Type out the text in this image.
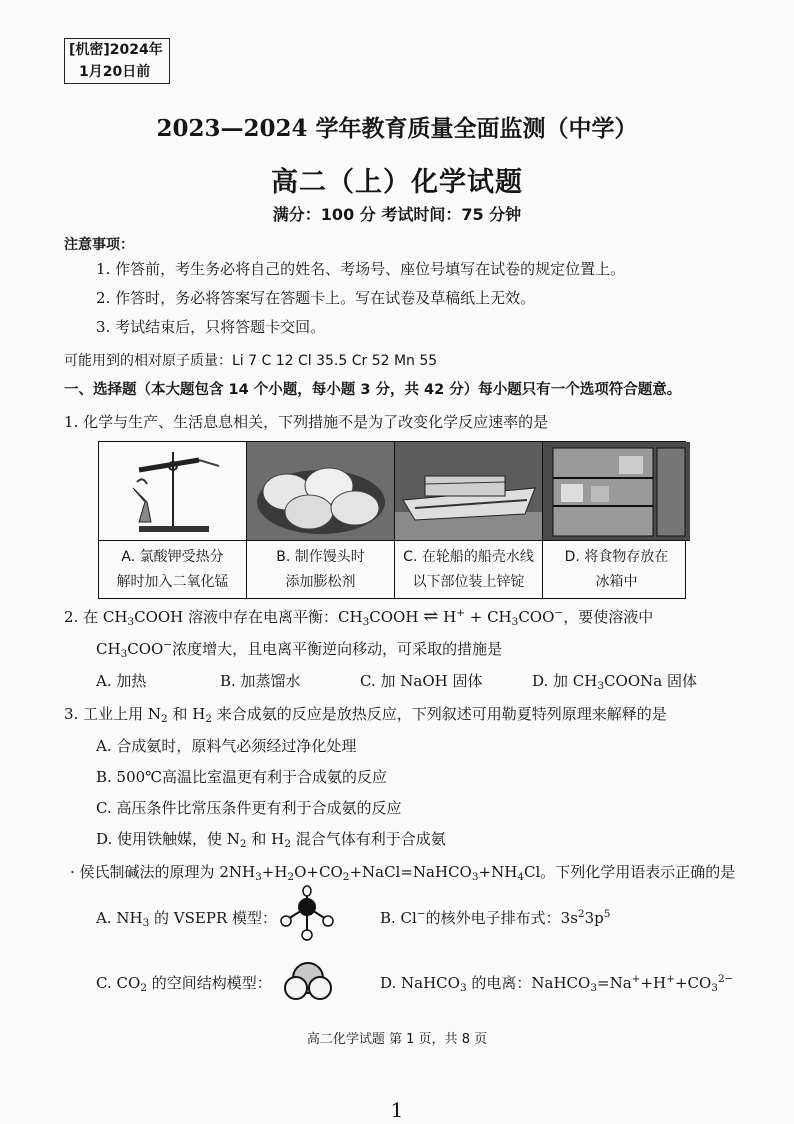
[机密]2024年
1月20日前
2023—2024 学年教育质量全面监测（中学）
高二（上）化学试题
满分：100 分 考试时间：75 分钟
注意事项：
1. 作答前，考生务必将自己的姓名、考场号、座位号填写在试卷的规定位置上。
2. 作答时，务必将答案写在答题卡上。写在试卷及草稿纸上无效。
3. 考试结束后，只将答题卡交回。
可能用到的相对原子质量：Li 7 C 12 Cl 35.5 Cr 52 Mn 55
一、选择题（本大题包含 14 个小题，每小题 3 分，共 42 分）每小题只有一个选项符合题意。
1. 化学与生产、生活息息相关，下列措施不是为了改变化学反应速率的是
A. 氯酸钾受热分
解时加入二氧化锰
B. 制作馒头时
添加膨松剂
C. 在轮船的船壳水线
以下部位装上锌锭
D. 将食物存放在
冰箱中
2. 在 $CH_3COOH$ 溶液中存在电离平衡：$CH_3COOH$ ⇌ $H^+ + CH_3COO^-$，要使溶液中
$CH_3COO^-$浓度增大，且电离平衡逆向移动，可采取的措施是
A. 加热	B. 加蒸馏水	C. 加 NaOH 固体	D. 加 $CH_3COONa$ 固体
3. 工业上用 $N_2$ 和 $H_2$ 来合成氨的反应是放热反应，下列叙述可用勒夏特列原理来解释的是
A. 合成氨时，原料气必须经过净化处理
B. 500℃高温比室温更有利于合成氨的反应
C. 高压条件比常压条件更有利于合成氨的反应
D. 使用铁触媒，使 $N_2$ 和 $H_2$ 混合气体有利于合成氨
· 侯氏制碱法的原理为 $2NH_3+H_2O+CO_2+NaCl=NaHCO_3+NH_4Cl$。下列化学用语表示正确的是
A. $NH_3$ 的 VSEPR 模型：	B. Cl−的核外电子排布式：$3s^23p^5$
C. $CO_2$ 的空间结构模型：	D. NaHCO$_3$ 的电离：$NaHCO_3=Na^++H^++CO_3^{2-}$
高二化学试题 第 1 页，共 8 页
1
